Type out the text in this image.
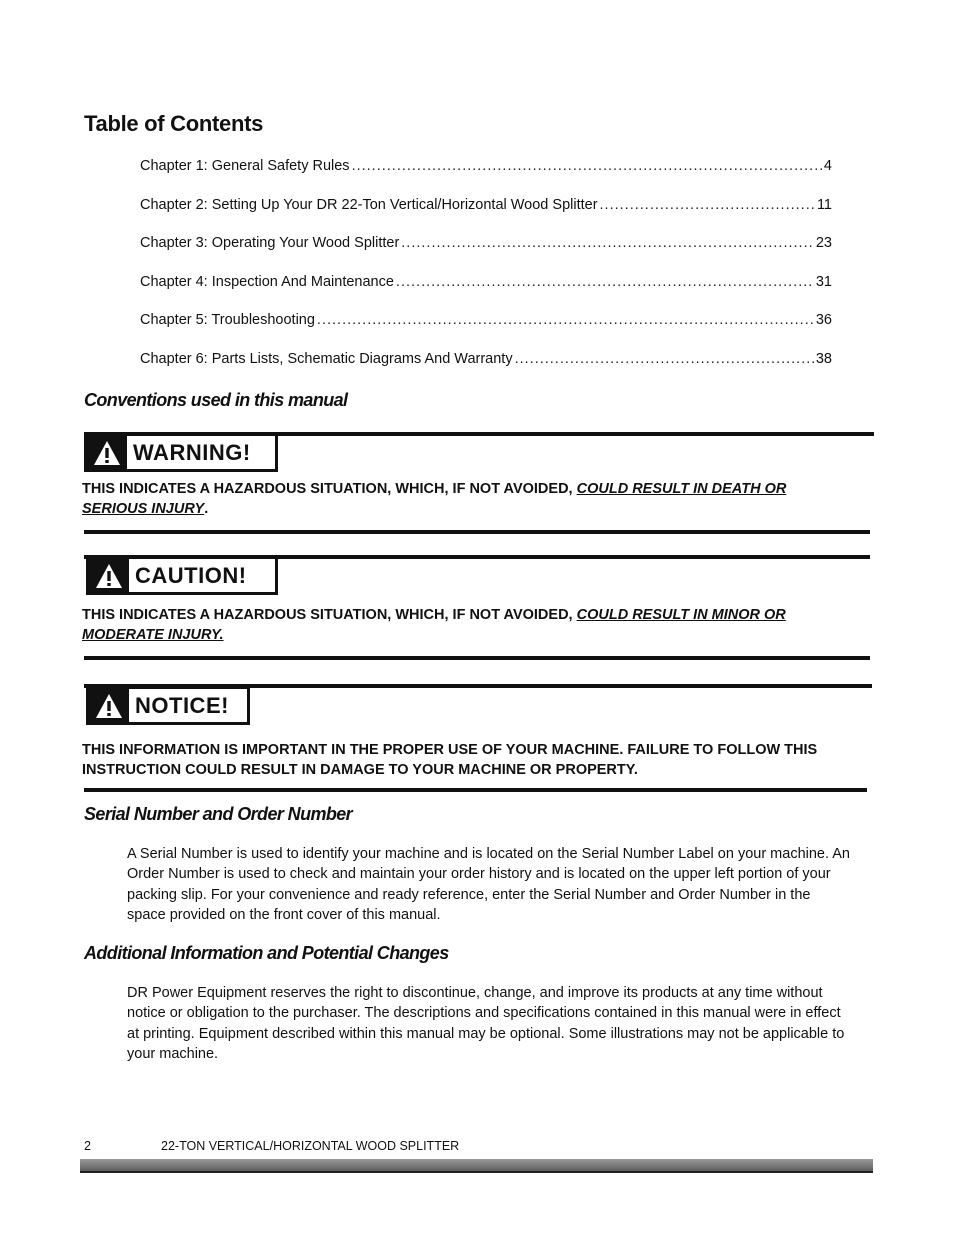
Table of Contents
Chapter 1: General Safety Rules .....	4
Chapter 2: Setting Up Your DR 22-Ton Vertical/Horizontal Wood Splitter .....	11
Chapter 3: Operating Your Wood Splitter .....	23
Chapter 4: Inspection And Maintenance .....	31
Chapter 5: Troubleshooting .....	36
Chapter 6: Parts Lists, Schematic Diagrams And Warranty .....	38
Conventions used in this manual
WARNING!
THIS INDICATES A HAZARDOUS SITUATION, WHICH, IF NOT AVOIDED, COULD RESULT IN DEATH OR SERIOUS INJURY.
CAUTION!
THIS INDICATES A HAZARDOUS SITUATION, WHICH, IF NOT AVOIDED, COULD RESULT IN MINOR OR MODERATE INJURY.
NOTICE!
THIS INFORMATION IS IMPORTANT IN THE PROPER USE OF YOUR MACHINE. FAILURE TO FOLLOW THIS INSTRUCTION COULD RESULT IN DAMAGE TO YOUR MACHINE OR PROPERTY.
Serial Number and Order Number
A Serial Number is used to identify your machine and is located on the Serial Number Label on your machine. An Order Number is used to check and maintain your order history and is located on the upper left portion of your packing slip. For your convenience and ready reference, enter the Serial Number and Order Number in the space provided on the front cover of this manual.
Additional Information and Potential Changes
DR Power Equipment reserves the right to discontinue, change, and improve its products at any time without notice or obligation to the purchaser. The descriptions and specifications contained in this manual were in effect at printing. Equipment described within this manual may be optional. Some illustrations may not be applicable to your machine.
2	22-TON VERTICAL/HORIZONTAL WOOD SPLITTER
